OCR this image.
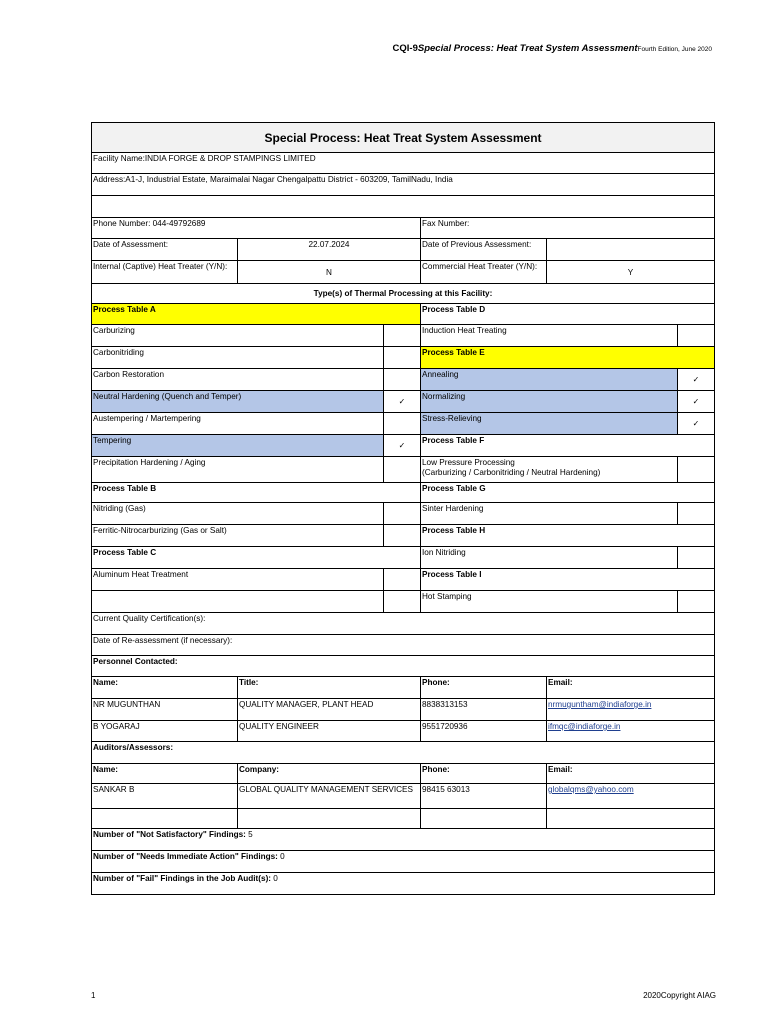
CQI-9Special Process: Heat Treat System AssessmentFourth Edition, June 2020
Special Process: Heat Treat System Assessment					
Facility Name:INDIA FORGE & DROP STAMPINGS LIMITED					
Address:A1-J, Industrial Estate, Maraimalai Nagar Chengalpattu District - 603209, TamilNadu, India					

Phone Number: 044-49792689			Fax Number:		
Date of Assessment:	22.07.2024		Date of Previous Assessment:		
Internal (Captive) Heat Treater (Y/N):	N		Commercial Heat Treater (Y/N):	Y	
Type(s) of Thermal Processing at this Facility:					
Process Table A			Process Table D		
Carburizing			Induction Heat Treating		
Carbonitriding			Process Table E		
Carbon Restoration			Annealing		✓
Neutral Hardening (Quench and Temper)		✓	Normalizing		✓
Austempering / Martempering			Stress-Relieving		✓
Tempering		✓	Process Table F		
Precipitation Hardening / Aging			Low Pressure Processing
(Carburizing / Carbonitriding / Neutral Hardening)		

Process Table B			Process Table G		
Nitriding (Gas)			Sinter Hardening		
Ferritic-Nitrocarburizing (Gas or Salt)			Process Table H		
Process Table C			Ion Nitriding		
Aluminum Heat Treatment			Process Table I		
			Hot Stamping		
Current Quality Certification(s):					
Date of Re-assessment (if necessary):					
Personnel Contacted:					
Name:	Title:		Phone:	Email:	
NR MUGUNTHAN	QUALITY MANAGER, PLANT HEAD		8838313153	nrmuguntham@indiaforge.in	
B YOGARAJ	QUALITY ENGINEER		9551720936	ifmqc@indiaforge.in	
Auditors/Assessors:					
Name:	Company:		Phone:	Email:	
SANKAR B	GLOBAL QUALITY MANAGEMENT SERVICES		98415 63013	globalqms@yahoo.com	

Number of "Not Satisfactory" Findings: 5					
Number of "Needs Immediate Action" Findings: 0					
Number of "Fail" Findings in the Job Audit(s): 0					
1	2020Copyright AIAG
